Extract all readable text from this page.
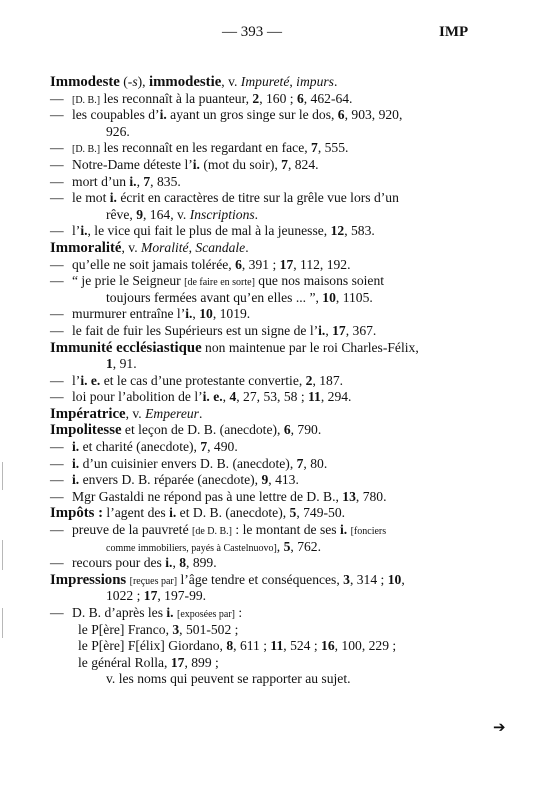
— 393 —	IMP
Immodeste (-s), immodestie, v. Impureté, impurs.
— [D. B.] les reconnaît à la puanteur, 2, 160 ; 6, 462-64.
— les coupables d’i. ayant un gros singe sur le dos, 6, 903, 920,
926.
— [D. B.] les reconnaît en les regardant en face, 7, 555.
— Notre-Dame déteste l’i. (mot du soir), 7, 824.
— mort d’un i., 7, 835.
— le mot i. écrit en caractères de titre sur la grêle vue lors d’un
rêve, 9, 164, v. Inscriptions.
— l’i., le vice qui fait le plus de mal à la jeunesse, 12, 583.
Immoralité, v. Moralité, Scandale.
— qu’elle ne soit jamais tolérée, 6, 391 ; 17, 112, 192.
— “ je prie le Seigneur [de faire en sorte] que nos maisons soient
toujours fermées avant qu’en elles ... ”, 10, 1105.
— murmurer entraîne l’i., 10, 1019.
— le fait de fuir les Supérieurs est un signe de l’i., 17, 367.
Immunité ecclésiastique non maintenue par le roi Charles-Félix,
1, 91.
— l’i. e. et le cas d’une protestante convertie, 2, 187.
— loi pour l’abolition de l’i. e., 4, 27, 53, 58 ; 11, 294.
Impératrice, v. Empereur.
Impolitesse et leçon de D. B. (anecdote), 6, 790.
— i. et charité (anecdote), 7, 490.
— i. d’un cuisinier envers D. B. (anecdote), 7, 80.
— i. envers D. B. réparée (anecdote), 9, 413.
— Mgr Gastaldi ne répond pas à une lettre de D. B., 13, 780.
Impôts : l’agent des i. et D. B. (anecdote), 5, 749-50.
— preuve de la pauvreté [de D. B.] : le montant de ses i. [fonciers
comme immobiliers, payés à Castelnuovo], 5, 762.
— recours pour des i., 8, 899.
Impressions [reçues par] l’âge tendre et conséquences, 3, 314 ; 10,
1022 ; 17, 197-99.
— D. B. d’après les i. [exposées par] :
le P[ère] Franco, 3, 501-502 ;
le P[ère] F[élix] Giordano, 8, 611 ; 11, 524 ; 16, 100, 229 ;
le général Rolla, 17, 899 ;
v. les noms qui peuvent se rapporter au sujet.
➔
